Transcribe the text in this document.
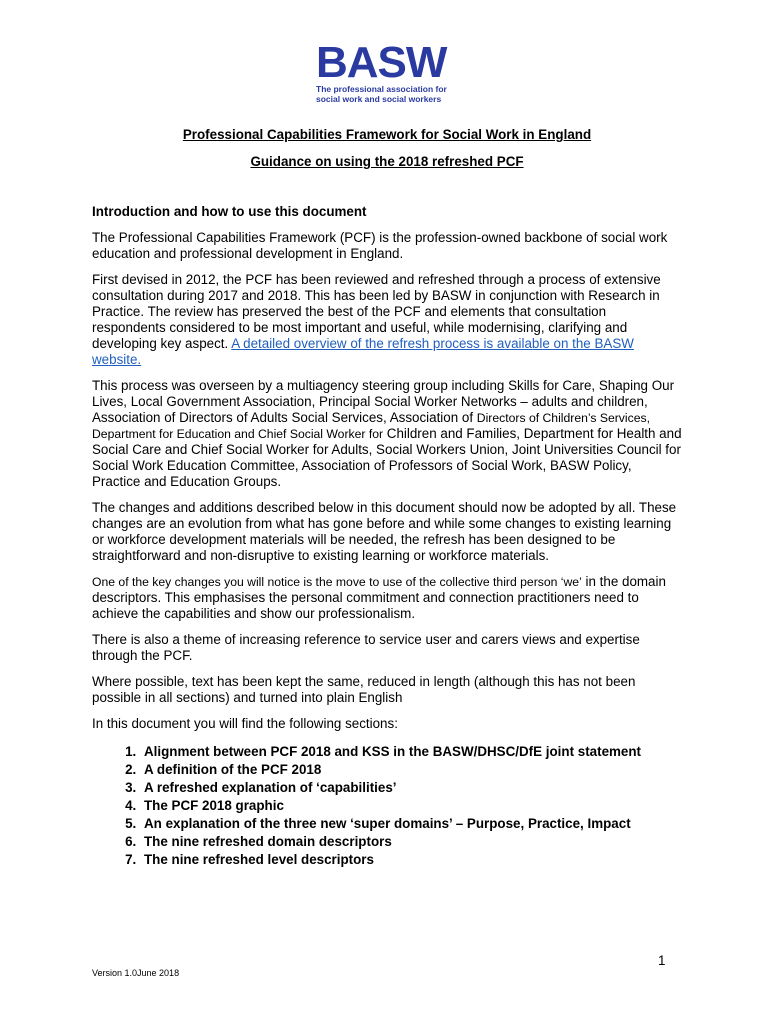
BASW
The professional association for social work and social workers
Professional Capabilities Framework for Social Work in England
Guidance on using the 2018 refreshed PCF
Introduction and how to use this document

The Professional Capabilities Framework (PCF) is the profession-owned backbone of social work education and professional development in England.

First devised in 2012, the PCF has been reviewed and refreshed through a process of extensive consultation during 2017 and 2018. This has been led by BASW in conjunction with Research in Practice. The review has preserved the best of the PCF and elements that consultation respondents considered to be most important and useful, while modernising, clarifying and developing key aspect. A detailed overview of the refresh process is available on the BASW website.

This process was overseen by a multiagency steering group including Skills for Care, Shaping Our Lives, Local Government Association, Principal Social Worker Networks – adults and children, Association of Directors of Adults Social Services, Association of Directors of Children’s Services, Department for Education and Chief Social Worker for Children and Families, Department for Health and Social Care and Chief Social Worker for Adults, Social Workers Union, Joint Universities Council for Social Work Education Committee, Association of Professors of Social Work, BASW Policy, Practice and Education Groups.

The changes and additions described below in this document should now be adopted by all. These changes are an evolution from what has gone before and while some changes to existing learning or workforce development materials will be needed, the refresh has been designed to be straightforward and non-disruptive to existing learning or workforce materials.

One of the key changes you will notice is the move to use of the collective third person ‘we’ in the domain descriptors. This emphasises the personal commitment and connection practitioners need to achieve the capabilities and show our professionalism.

There is also a theme of increasing reference to service user and carers views and expertise through the PCF.

Where possible, text has been kept the same, reduced in length (although this has not been possible in all sections) and turned into plain English

In this document you will find the following sections:

1. Alignment between PCF 2018 and KSS in the BASW/DHSC/DfE joint statement
2. A definition of the PCF 2018
3. A refreshed explanation of ‘capabilities’
4. The PCF 2018 graphic
5. An explanation of the three new ‘super domains’ – Purpose, Practice, Impact
6. The nine refreshed domain descriptors
7. The nine refreshed level descriptors
1
Version 1.0June 2018
